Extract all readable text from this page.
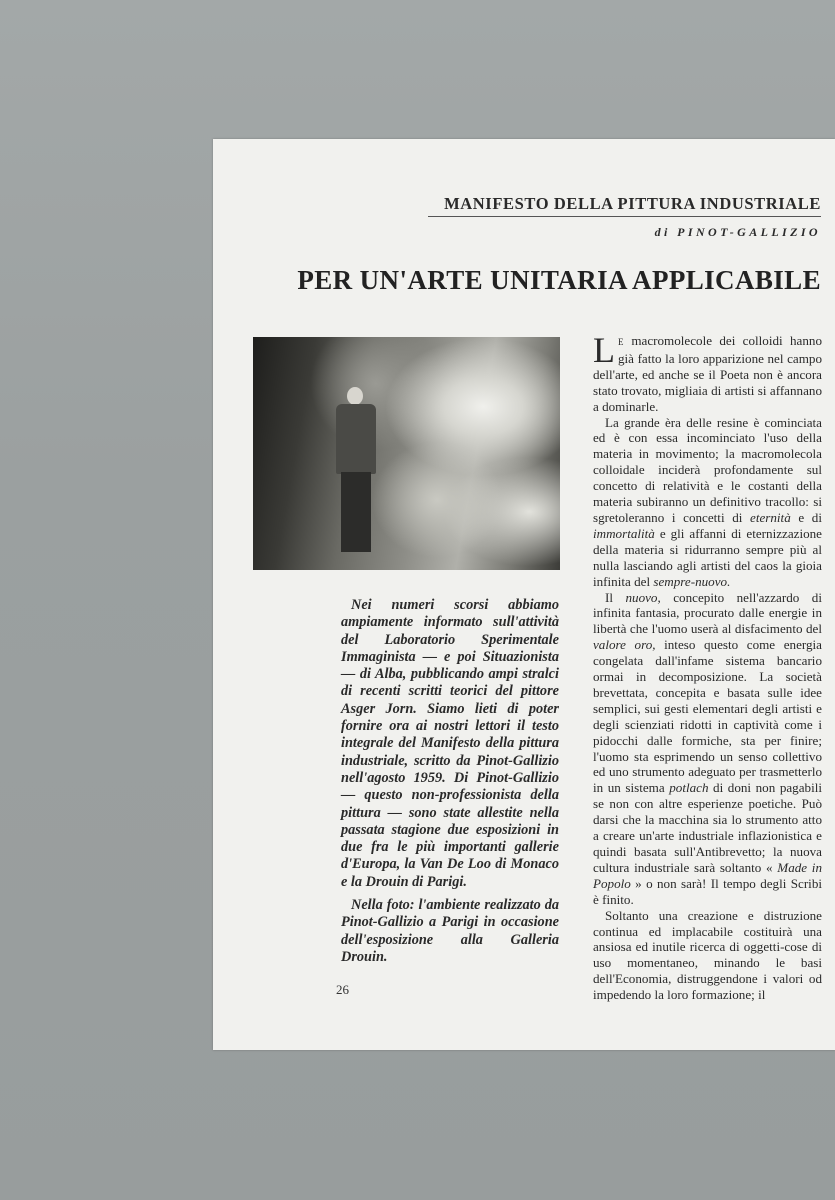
MANIFESTO DELLA PITTURA INDUSTRIALE
di PINOT-GALLIZIO
PER UN'ARTE UNITARIA APPLICABILE

Nei numeri scorsi abbiamo ampiamente informato sull'attività del Laboratorio Sperimentale Immaginista — e poi Situazionista — di Alba, pubblicando ampi stralci di recenti scritti teorici del pittore Asger Jorn. Siamo lieti di poter fornire ora ai nostri lettori il testo integrale del Manifesto della pittura industriale, scritto da Pinot-Gallizio nell'agosto 1959. Di Pinot-Gallizio — questo non-professionista della pittura — sono state allestite nella passata stagione due esposizioni in due fra le più importanti gallerie d'Europa, la Van De Loo di Monaco e la Drouin di Parigi.

Nella foto: l'ambiente realizzato da Pinot-Gallizio a Parigi in occasione dell'esposizione alla Galleria Drouin.

26

L E macromolecole dei colloidi hanno già fatto la loro apparizione nel campo dell'arte, ed anche se il Poeta non è ancora stato trovato, migliaia di artisti si affannano a dominarle.

La grande èra delle resine è cominciata ed è con essa incominciato l'uso della materia in movimento; la macromolecola colloidale inciderà profondamente sul concetto di relatività e le costanti della materia subiranno un definitivo tracollo: si sgretoleranno i concetti di eternità e di immortalità e gli affanni di eternizzazione della materia si ridurranno sempre più al nulla lasciando agli artisti del caos la gioia infinita del sempre-nuovo.

Il nuovo, concepito nell'azzardo di infinita fantasia, procurato dalle energie in libertà che l'uomo userà al disfacimento del valore oro, inteso questo come energia congelata dall'infame sistema bancario ormai in decomposizione. La società brevettata, concepita e basata sulle idee semplici, sui gesti elementari degli artisti e degli scienziati ridotti in captività come i pidocchi dalle formiche, sta per finire; l'uomo sta esprimendo un senso collettivo ed uno strumento adeguato per trasmetterlo in un sistema potlach di doni non pagabili se non con altre esperienze poetiche. Può darsi che la macchina sia lo strumento atto a creare un'arte industriale inflazionistica e quindi basata sull'Antibrevetto; la nuova cultura industriale sarà soltanto « Made in Popolo » o non sarà! Il tempo degli Scribi è finito.

Soltanto una creazione e distruzione continua ed implacabile costituirà una ansiosa ed inutile ricerca di oggetti-cose di uso momentaneo, minando le basi dell'Economia, distruggendone i valori od impedendo la loro formazione; il
